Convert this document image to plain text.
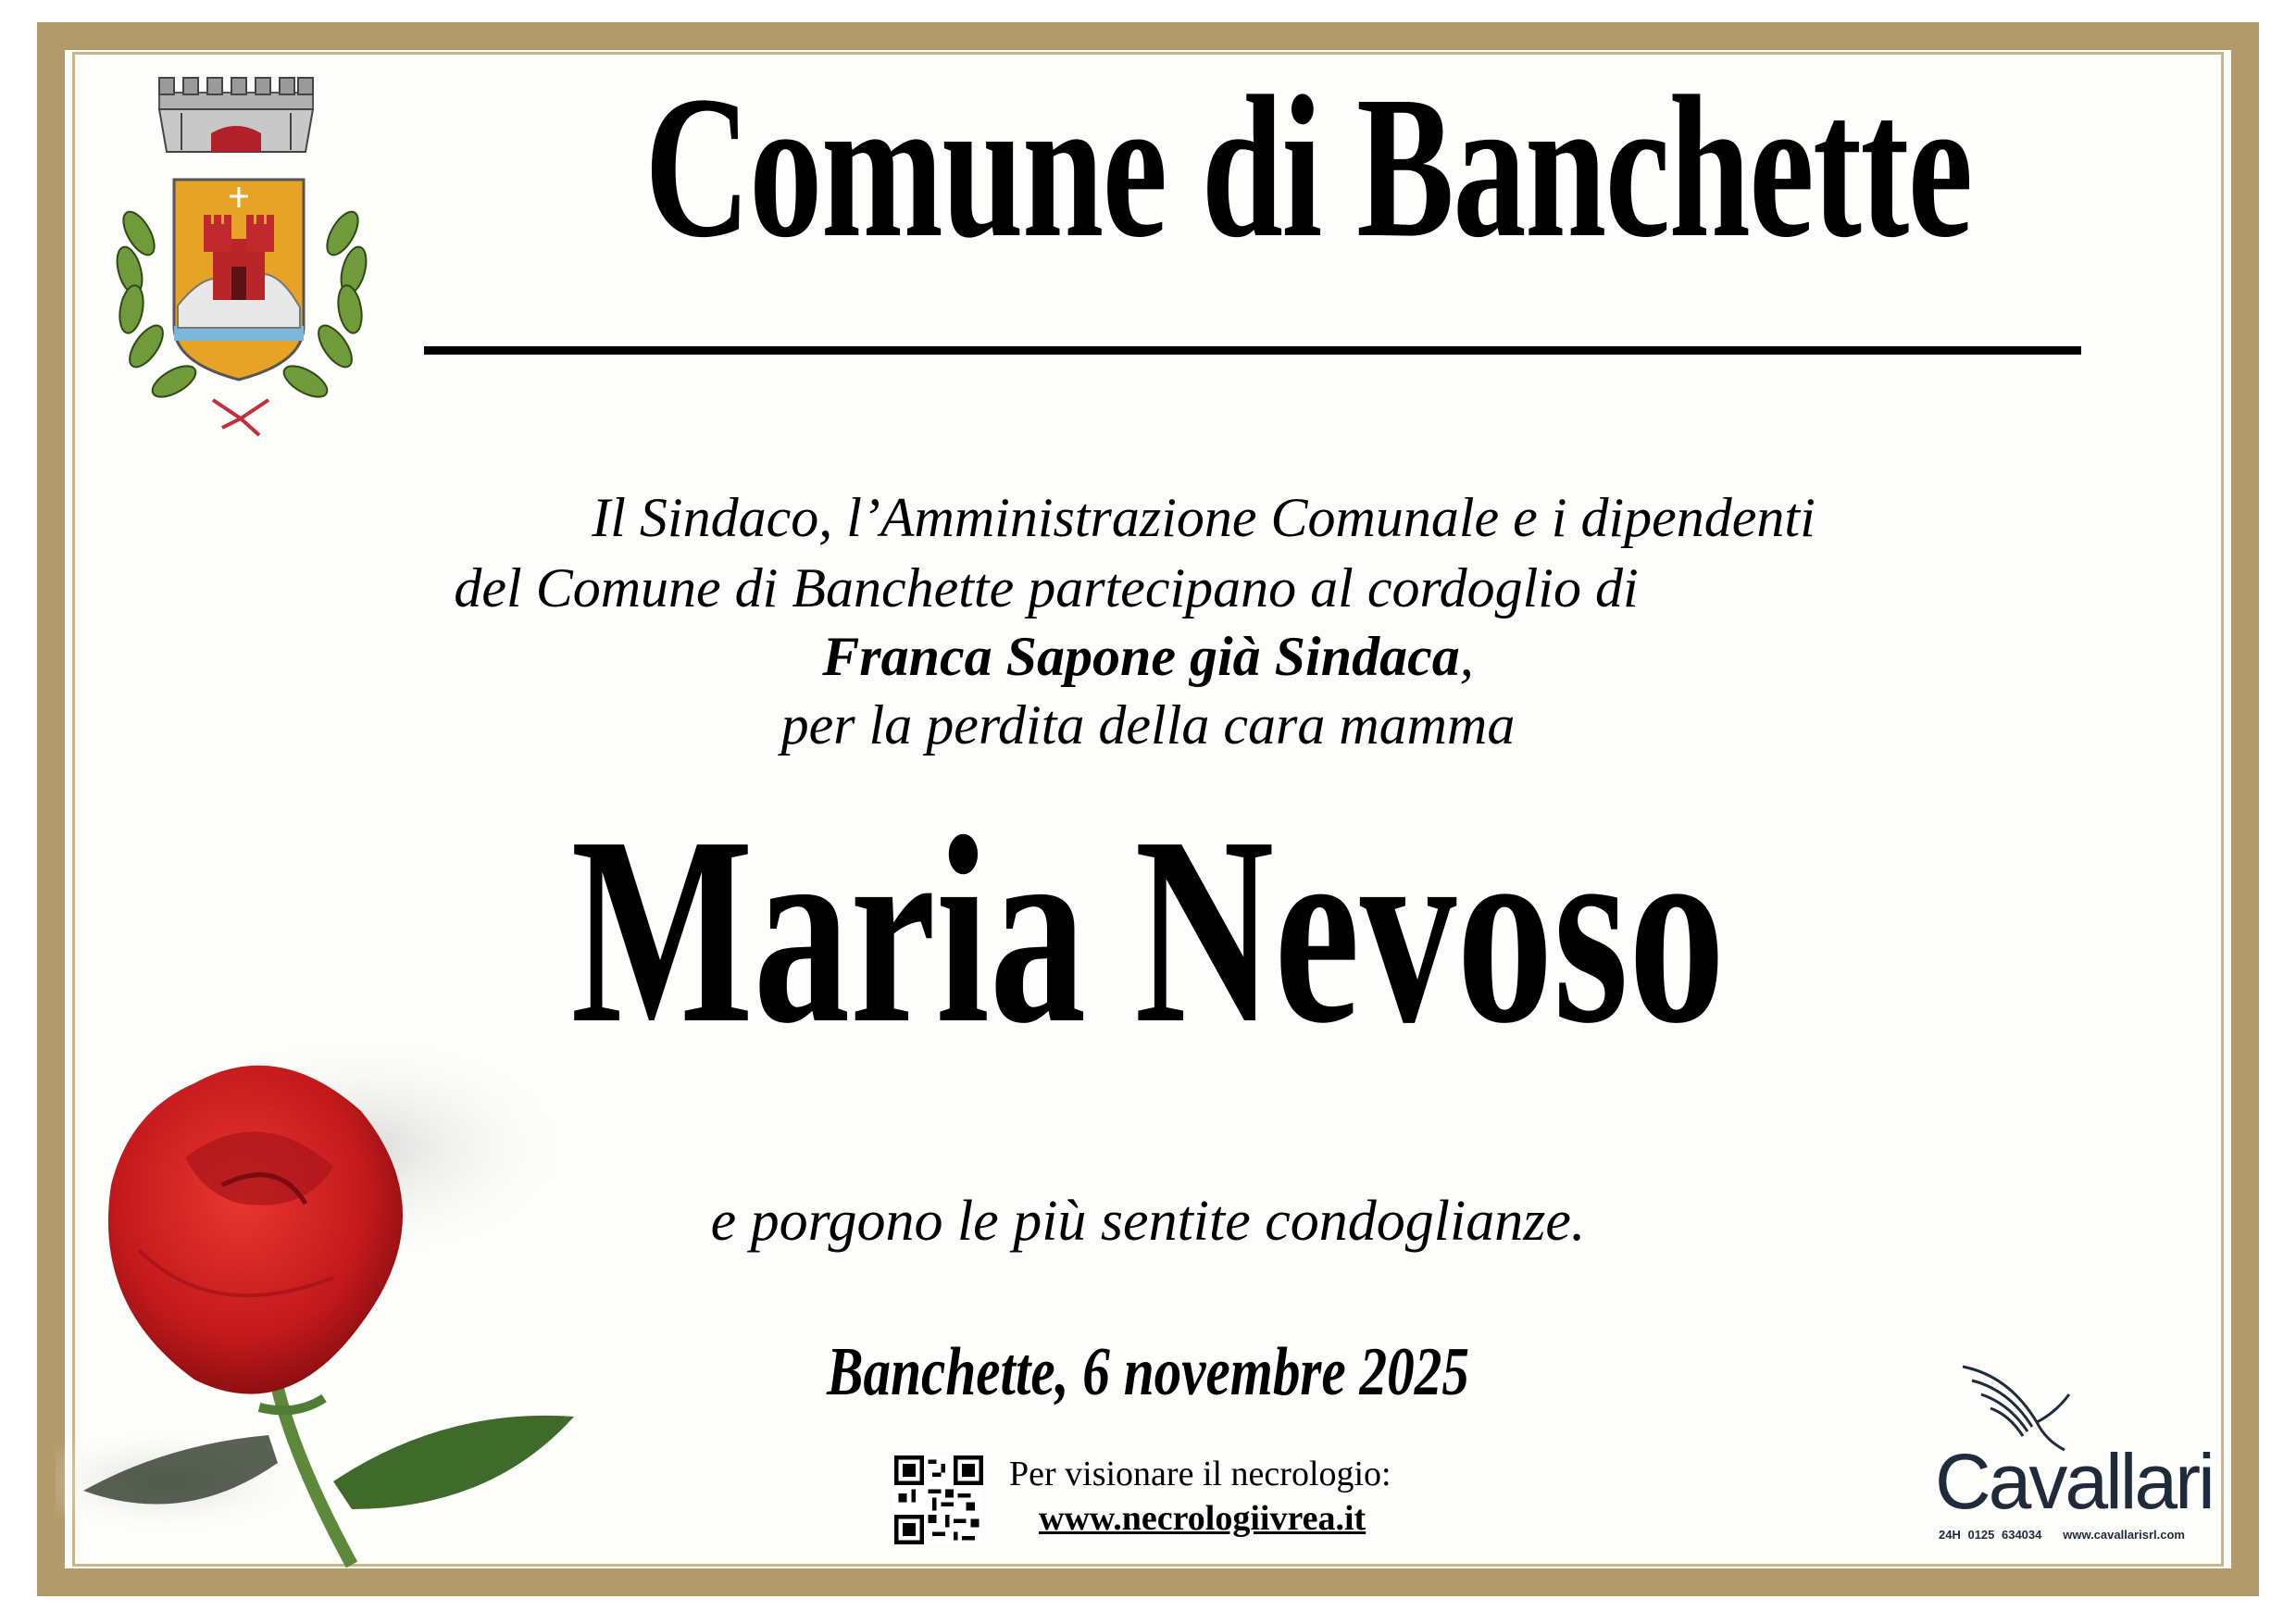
Comune di Banchette
Il Sindaco, l’Amministrazione Comunale e i dipendenti
del Comune di Banchette partecipano al cordoglio di
Franca Sapone già Sindaca,
per la perdita della cara mamma
Maria Nevoso
e porgono le più sentite condoglianze.
Banchette, 6 novembre 2025
Per visionare il necrologio:
www.necrologiivrea.it	Cavallari
24H 0125 634034 www.cavallarisrl.com
